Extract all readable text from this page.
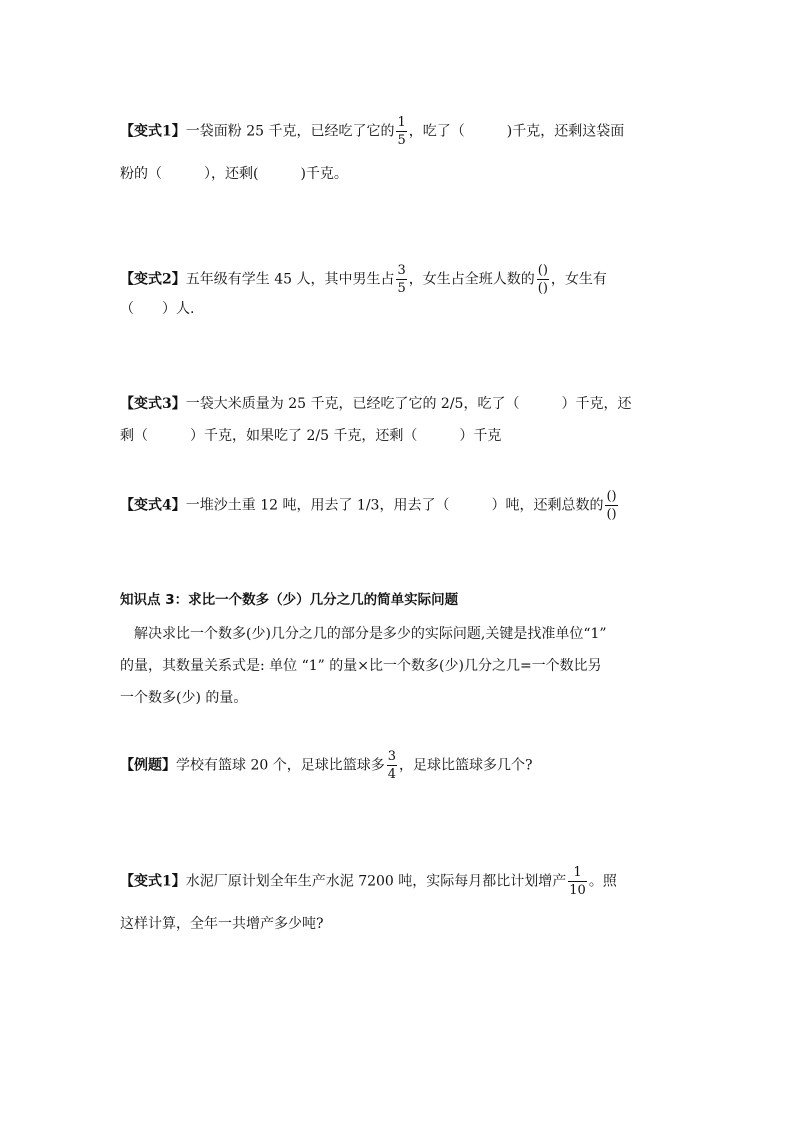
【变式1】一袋面粉 25 千克，已经吃了它的 $\frac{1}{5}$ ，吃了（　　　)千克，还剩这袋面
粉的（　　　），还剩(　　　)千克。
【变式2】五年级有学生 45 人，其中男生占 $\frac{3}{5}$ ，女生占全班人数的 $\frac{()}{()}$ ，女生有
（　　）人.
【变式3】一袋大米质量为 25 千克，已经吃了它的 2/5，吃了（　　　）千克，还
剩（　　　）千克，如果吃了 2/5 千克，还剩（　　　）千克
【变式4】一堆沙土重 12 吨，用去了 1/3，用去了（　　　）吨，还剩总数的 $\frac{()}{()}$
知识点 3：求比一个数多（少）几分之几的简单实际问题
解决求比一个数多(少)几分之几的部分是多少的实际问题,关键是找准单位“1”
的量，其数量关系式是: 单位 “1” 的量×比一个数多(少)几分之几=一个数比另
一个数多(少) 的量。
【例题】学校有篮球 20 个，足球比篮球多 $\frac{3}{4}$ ，足球比篮球多几个?
【变式1】水泥厂原计划全年生产水泥 7200 吨，实际每月都比计划增产 $\frac{1}{10}$ 。照
这样计算，全年一共增产多少吨?
